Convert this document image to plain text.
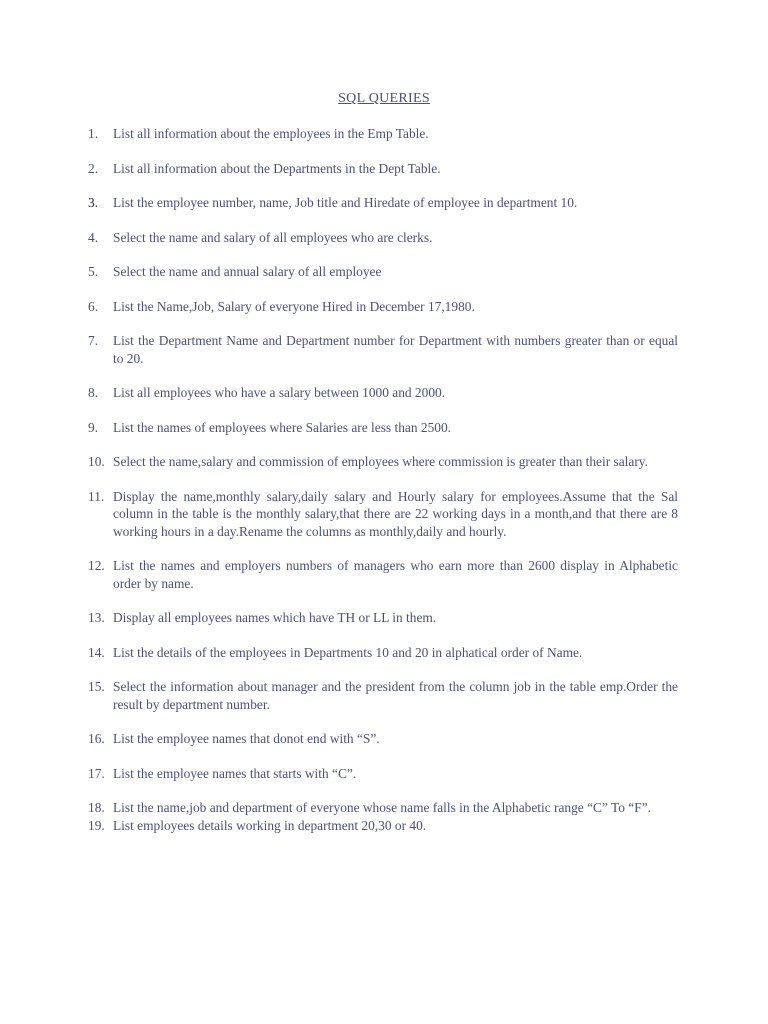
SQL QUERIES
1. List all information about the employees in the Emp Table.
2. List all information about the Departments in the Dept Table.
3. List the employee number, name, Job title and Hiredate of employee in department 10.
4. Select the name and salary of all employees who are clerks.
5. Select the name and annual salary of all employee
6. List the Name,Job, Salary of everyone Hired in December 17,1980.
7. List the Department Name and Department number for Department with numbers greater than or equal to 20.
8. List all employees who have a salary between 1000 and 2000.
9. List the names of employees where Salaries are less than 2500.
10. Select the name,salary and commission of employees where commission is greater than their salary.
11. Display the name,monthly salary,daily salary and Hourly salary for employees.Assume that the Sal column in the table is the monthly salary,that there are 22 working days in a month,and that there are 8 working hours in a day.Rename the columns as monthly,daily and hourly.
12. List the names and employers numbers of managers who earn more than 2600 display in Alphabetic order by name.
13. Display all employees names which have TH or LL in them.
14. List the details of the employees in Departments 10 and 20 in alphatical order of Name.
15. Select the information about manager and the president from the column job in the table emp.Order the result by department number.
16. List the employee names that donot end with “S”.
17. List the employee names that starts with “C”.
18. List the name,job and department of everyone whose name falls in the Alphabetic range “C” To “F”.
19. List employees details working in department 20,30 or 40.
